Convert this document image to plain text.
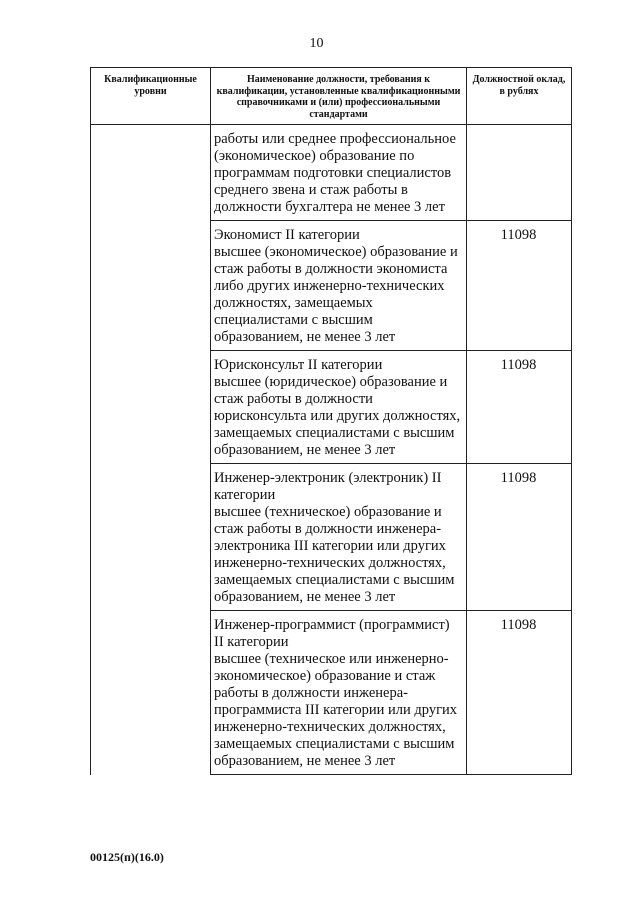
10
Квалификационные уровни	Наименование должности, требования к квалификации, установленные квалификационными справочниками и (или) профессиональными стандартами	Должностной оклад, в рублях

	работы или среднее профессиональное (экономическое) образование по программам подготовки специалистов среднего звена и стаж работы в должности бухгалтера не менее 3 лет	

	Экономист II категории
высшее (экономическое) образование и стаж работы в должности экономиста либо других инженерно-технических должностях, замещаемых специалистами с высшим образованием, не менее 3 лет	11098

	Юрисконсульт II категории
высшее (юридическое) образование и стаж работы в должности юрисконсульта или других должностях, замещаемых специалистами с высшим образованием, не менее 3 лет	11098

	Инженер-электроник (электроник) II категории
высшее (техническое) образование и стаж работы в должности инженера-электроника III категории или других инженерно-технических должностях, замещаемых специалистами с высшим образованием, не менее 3 лет	11098

	Инженер-программист (программист) II категории
высшее (техническое или инженерно-экономическое) образование и стаж работы в должности инженера-программиста III категории или других инженерно-технических должностях, замещаемых специалистами с высшим образованием, не менее 3 лет	11098
00125(п)(16.0)
